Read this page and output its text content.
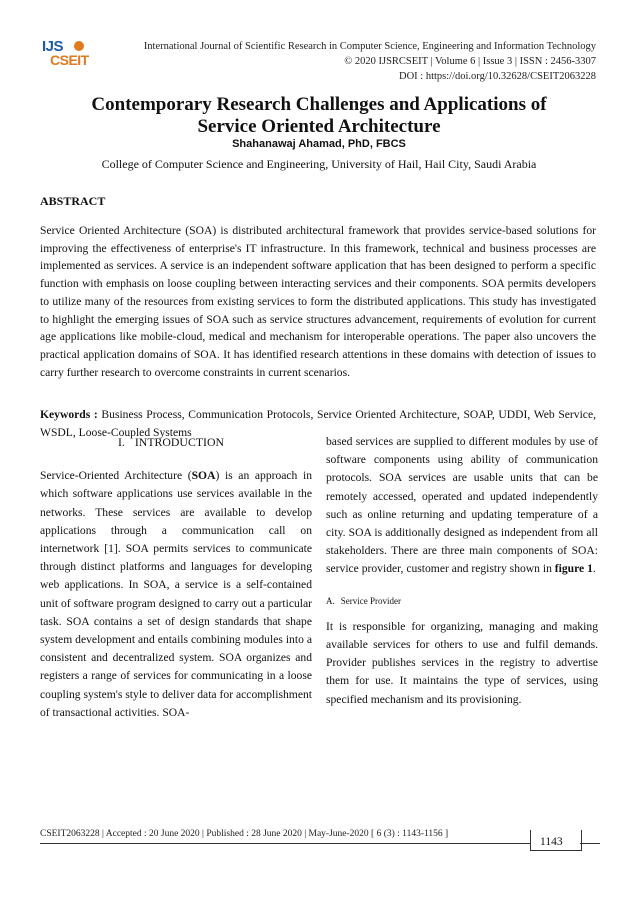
IJS
CSEIT
International Journal of Scientific Research in Computer Science, Engineering and Information Technology
© 2020 IJSRCSEIT | Volume 6 | Issue 3 | ISSN : 2456-3307
DOI : https://doi.org/10.32628/CSEIT2063228
Contemporary Research Challenges and Applications of
Service Oriented Architecture
Shahanawaj Ahamad, PhD, FBCS
College of Computer Science and Engineering, University of Hail, Hail City, Saudi Arabia
ABSTRACT
Service Oriented Architecture (SOA) is distributed architectural framework that provides service-based solutions for improving the effectiveness of enterprise's IT infrastructure. In this framework, technical and business processes are implemented as services. A service is an independent software application that has been designed to perform a specific function with emphasis on loose coupling between interacting services and their components. SOA permits developers to utilize many of the resources from existing services to form the distributed applications. This study has investigated to highlight the emerging issues of SOA such as service structures advancement, requirements of evolution for current age applications like mobile-cloud, medical and mechanism for interoperable operations. The paper also uncovers the practical application domains of SOA. It has identified research attentions in these domains with detection of issues to carry further research to overcome constraints in current scenarios.
Keywords : Business Process, Communication Protocols, Service Oriented Architecture, SOAP, UDDI, Web Service, WSDL, Loose-Coupled Systems

I. INTRODUCTION

Service-Oriented Architecture (SOA) is an approach in which software applications use services available in the networks. These services are available to develop applications through a communication call on internetwork [1]. SOA permits services to communicate through distinct platforms and languages for developing web applications. In SOA, a service is a self-contained unit of software program designed to carry out a particular task. SOA contains a set of design standards that shape system development and entails combining modules into a consistent and decentralized system. SOA organizes and registers a range of services for communicating in a loose coupling system's style to deliver data for accomplishment of transactional activities. SOA-

based services are supplied to different modules by use of software components using ability of communication protocols. SOA services are usable units that can be remotely accessed, operated and updated independently such as online returning and updating temperature of a city. SOA is additionally designed as independent from all stakeholders. There are three main components of SOA: service provider, customer and registry shown in figure 1.

A. Service Provider

It is responsible for organizing, managing and making available services for others to use and fulfil demands. Provider publishes services in the registry to advertise them for use. It maintains the type of services, using specified mechanism and its provisioning.

CSEIT2063228 | Accepted : 20 June 2020 | Published : 28 June 2020 | May-June-2020 [ 6 (3) : 1143-1156 ]
1143
